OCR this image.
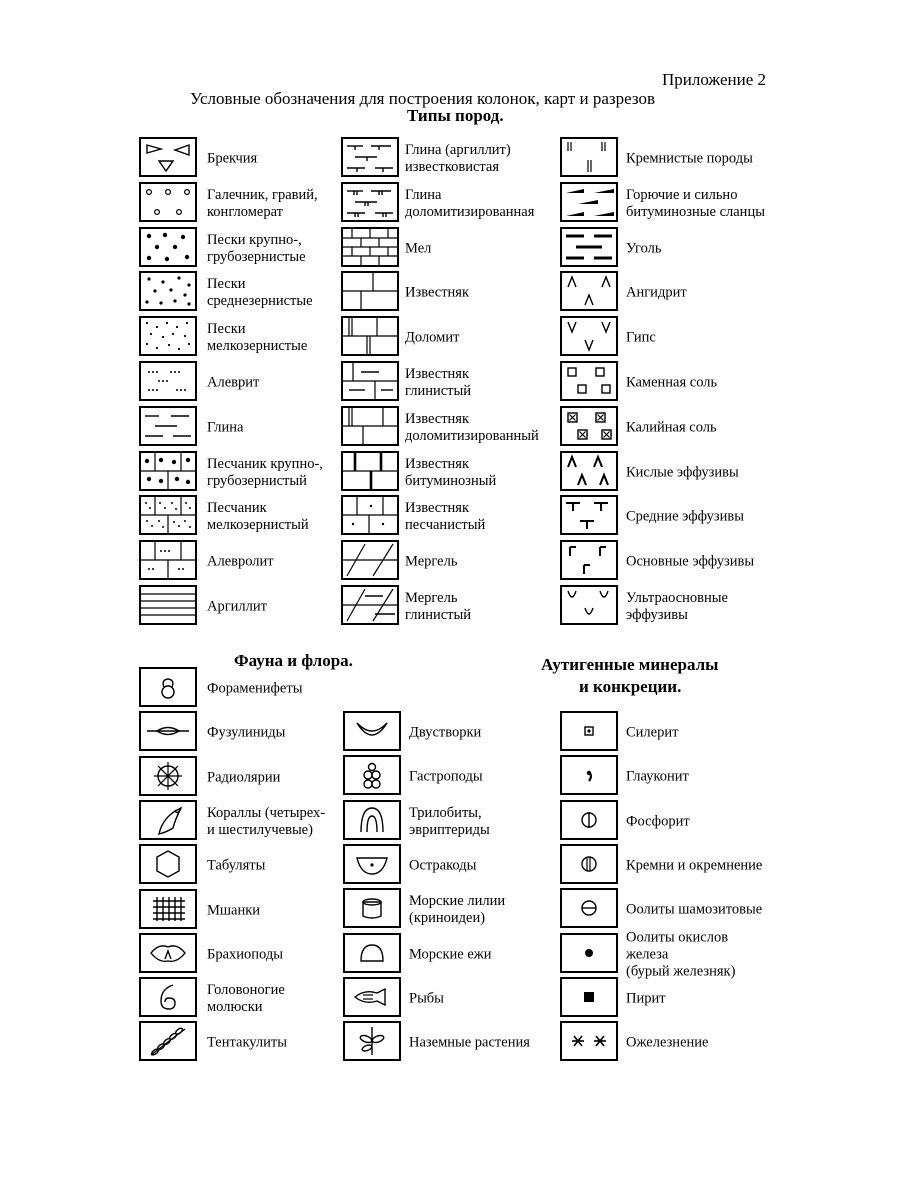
Приложение 2
Условные обозначения для построения колонок, карт и разрезов
Типы пород.
Брекчия
Галечник, гравий,
конгломерат
Пески крупно-,
грубозернистые
Пески
среднезернистые
Пески
мелкозернистые
Алеврит
Глина
Песчаник крупно-,
грубозернистый
Песчаник
мелкозернистый
Алевролит
Аргиллит
Глина (аргиллит)
известковистая
Глина
доломитизированная
Мел
Известняк
Доломит
Известняк
глинистый
Известняк
доломитизированный
Известняк
битуминозный
Известняк
песчанистый
Мергель
Мергель
глинистый
Кремнистые породы
Горючие и сильно
битуминозные сланцы
Уголь
Ангидрит
Гипс
Каменная соль
Калийная соль
Кислые эффузивы
Средние эффузивы
Основные эффузивы
Ультраосновные
эффузивы
Фауна и флора.	Аутигенные минералы
и конкреции.
Фораменифеты
Фузулиниды
Радиолярии
Кораллы (четырех-
и шестилучевые)
Табуляты
Мшанки
Брахиоподы
Головоногие
молюски
Тентакулиты
Двустворки
Гастроподы
Трилобиты,
эвриптериды
Остракоды
Морские лилии
(криноидеи)
Морские ежи
Рыбы
Наземные растения
Силерит
Глауконит
Фосфорит
Кремни и окремнение
Оолиты шамозитовые
Оолиты окислов
железа
(бурый железняк)
Пирит
Ожелезнение
